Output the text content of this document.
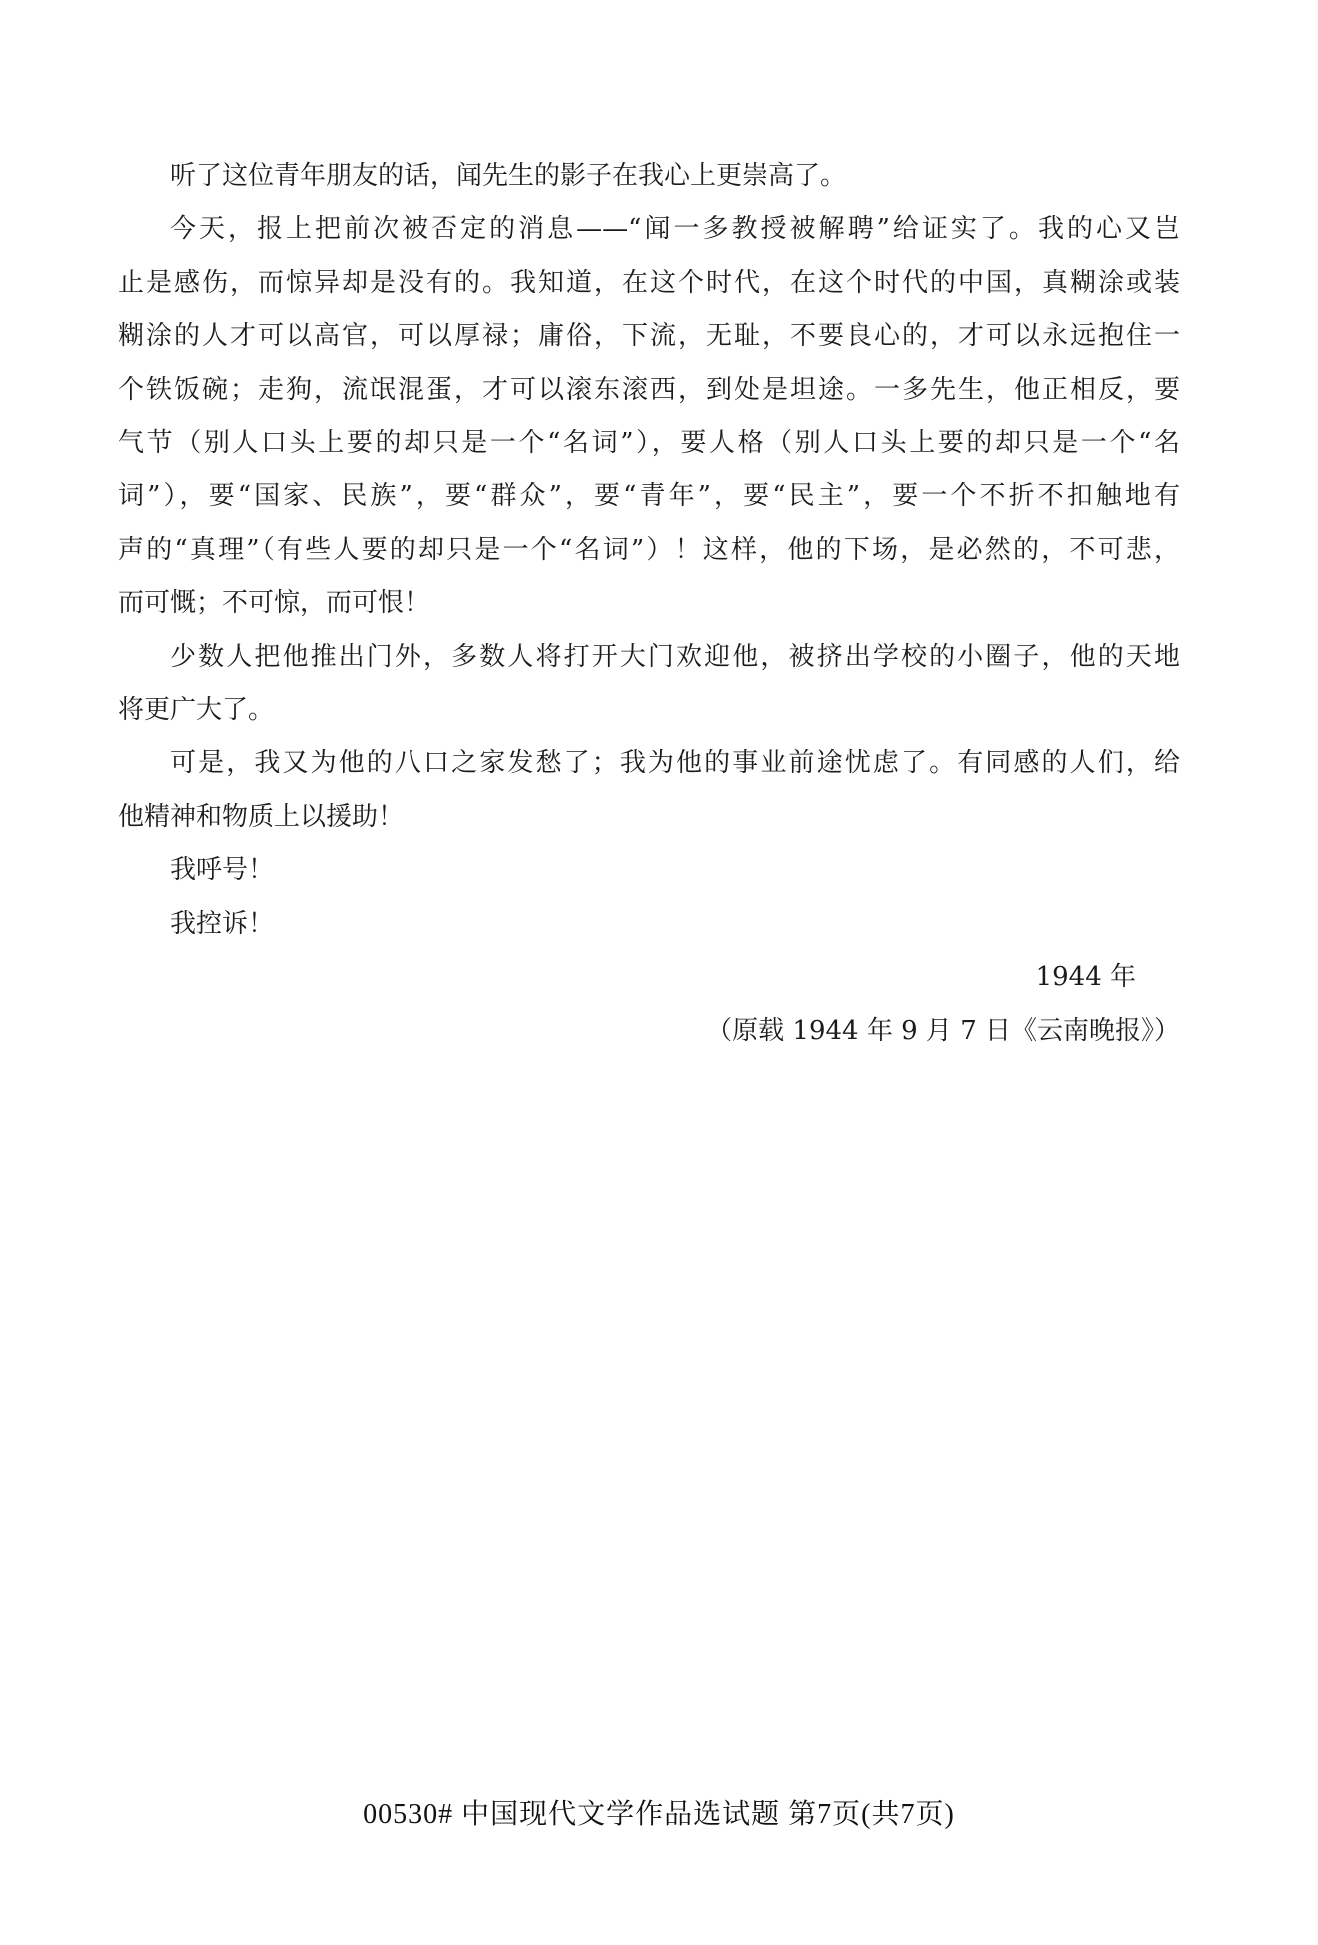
听了这位青年朋友的话，闻先生的影子在我心上更崇高了。
今天，报上把前次被否定的消息——“闻一多教授被解聘”给证实了。我的心又岂
止是感伤，而惊异却是没有的。我知道，在这个时代，在这个时代的中国，真糊涂或装
糊涂的人才可以高官，可以厚禄；庸俗，下流，无耻，不要良心的，才可以永远抱住一
个铁饭碗；走狗，流氓混蛋，才可以滚东滚西，到处是坦途。一多先生，他正相反，要
气节（别人口头上要的却只是一个“名词”），要人格（别人口头上要的却只是一个“名
词”），要“国家、民族”，要“群众”，要“青年”，要“民主”，要一个不折不扣触地有
声的“真理”（有些人要的却只是一个“名词”）！这样，他的下场，是必然的，不可悲，
而可慨；不可惊，而可恨！
少数人把他推出门外，多数人将打开大门欢迎他，被挤出学校的小圈子，他的天地
将更广大了。
可是，我又为他的八口之家发愁了；我为他的事业前途忧虑了。有同感的人们，给
他精神和物质上以援助！
我呼号！
我控诉！
1944 年
（原载 1944 年 9 月 7 日《云南晚报》）
00530# 中国现代文学作品选试题 第7页(共7页)
